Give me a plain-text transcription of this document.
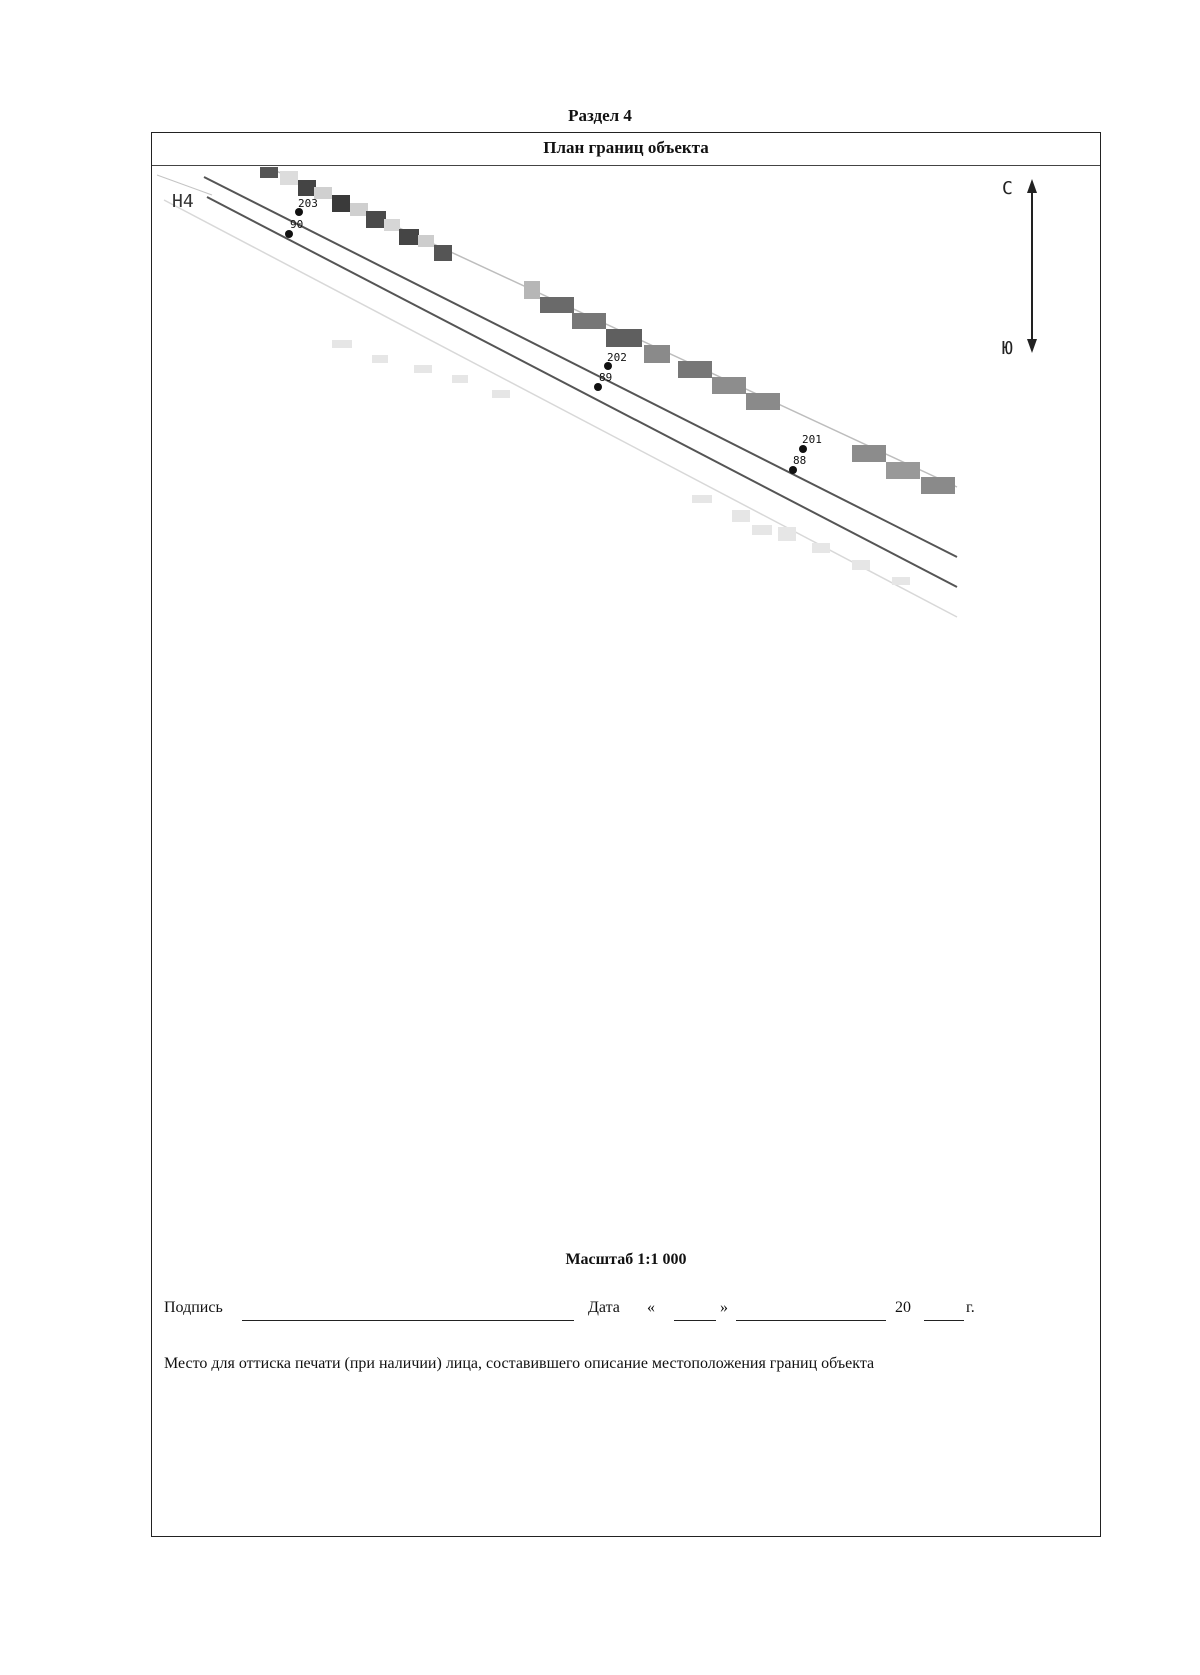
Раздел 4
План границ объекта
Н4	203
90
202
89
201
88
С
Ю
Масштаб 1:1 000
Подпись	Дата «	»	20	г.
Место для оттиска печати (при наличии) лица, составившего описание местоположения границ объекта
